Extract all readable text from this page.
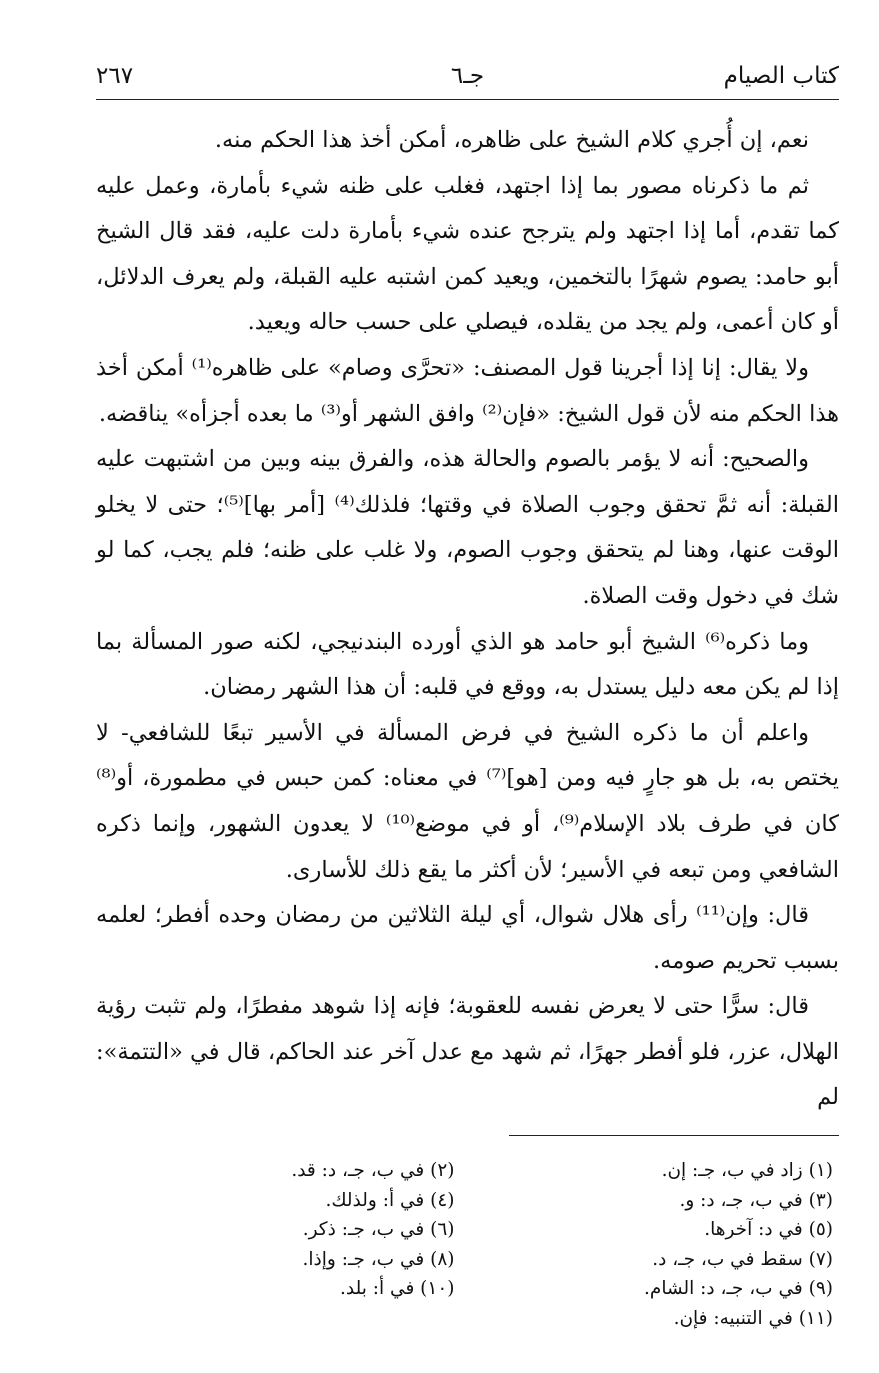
كتاب الصيام
جـ٦
٢٦٧

نعم، إن أُجري كلام الشيخ على ظاهره، أمكن أخذ هذا الحكم منه.

ثم ما ذكرناه مصور بما إذا اجتهد، فغلب على ظنه شيء بأمارة، وعمل عليه كما تقدم، أما إذا اجتهد ولم يترجح عنده شيء بأمارة دلت عليه، فقد قال الشيخ أبو حامد: يصوم شهرًا بالتخمين، ويعيد كمن اشتبه عليه القبلة، ولم يعرف الدلائل، أو كان أعمى، ولم يجد من يقلده، فيصلي على حسب حاله ويعيد.

ولا يقال: إنا إذا أجرينا قول المصنف: «تحرَّى وصام» على ظاهره⁽¹⁾ أمكن أخذ هذا الحكم منه لأن قول الشيخ: «فإن⁽²⁾ وافق الشهر أو⁽³⁾ ما بعده أجزأه» يناقضه.

والصحيح: أنه لا يؤمر بالصوم والحالة هذه، والفرق بينه وبين من اشتبهت عليه القبلة: أنه ثمَّ تحقق وجوب الصلاة في وقتها؛ فلذلك⁽⁴⁾ [أمر بها]⁽⁵⁾؛ حتى لا يخلو الوقت عنها، وهنا لم يتحقق وجوب الصوم، ولا غلب على ظنه؛ فلم يجب، كما لو شك في دخول وقت الصلاة.

وما ذكره⁽⁶⁾ الشيخ أبو حامد هو الذي أورده البندنيجي، لكنه صور المسألة بما إذا لم يكن معه دليل يستدل به، ووقع في قلبه: أن هذا الشهر رمضان.

واعلم أن ما ذكره الشيخ في فرض المسألة في الأسير تبعًا للشافعي- لا يختص به، بل هو جارٍ فيه ومن [هو]⁽⁷⁾ في معناه: كمن حبس في مطمورة، أو⁽⁸⁾ كان في طرف بلاد الإسلام⁽⁹⁾، أو في موضع⁽¹⁰⁾ لا يعدون الشهور، وإنما ذكره الشافعي ومن تبعه في الأسير؛ لأن أكثر ما يقع ذلك للأسارى.

قال: وإن⁽¹¹⁾ رأى هلال شوال، أي ليلة الثلاثين من رمضان وحده أفطر؛ لعلمه بسبب تحريم صومه.

قال: سرًّا حتى لا يعرض نفسه للعقوبة؛ فإنه إذا شوهد مفطرًا، ولم تثبت رؤية الهلال، عزر، فلو أفطر جهرًا، ثم شهد مع عدل آخر عند الحاكم، قال في «التتمة»: لم

(١) زاد في ب، جـ: إن.
(٢) في ب، جـ، د: قد.
(٣) في ب، جـ، د: و.
(٤) في أ: ولذلك.
(٥) في د: آخرها.
(٦) في ب، جـ: ذكر.
(٧) سقط في ب، جـ، د.
(٨) في ب، جـ: وإذا.
(٩) في ب، جـ، د: الشام.
(١٠) في أ: بلد.
(١١) في التنبيه: فإن.
